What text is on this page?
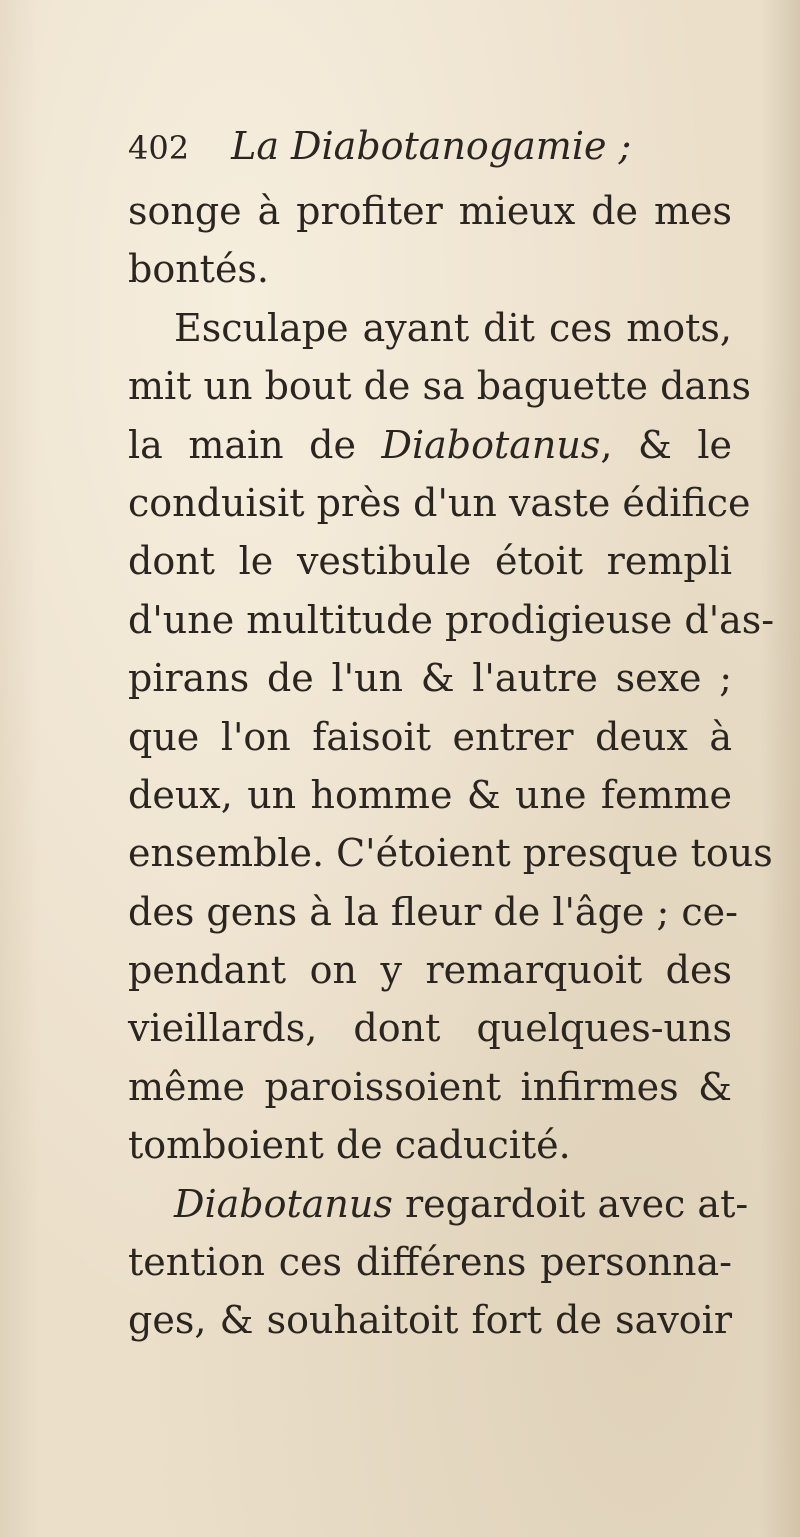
402 La Diabotanogamie ;
songe à profiter mieux de mes
bontés.
Esculape ayant dit ces mots,
mit un bout de sa baguette dans
la main de Diabotanus, & le
conduisit près d'un vaste édifice
dont le vestibule étoit rempli
d'une multitude prodigieuse d'as-
pirans de l'un & l'autre sexe ;
que l'on faisoit entrer deux à
deux, un homme & une femme
ensemble. C'étoient presque tous
des gens à la fleur de l'âge ; ce-
pendant on y remarquoit des
vieillards, dont quelques-uns
même paroissoient infirmes &
tomboient de caducité.
Diabotanus regardoit avec at-
tention ces différens personna-
ges, & souhaitoit fort de savoir
